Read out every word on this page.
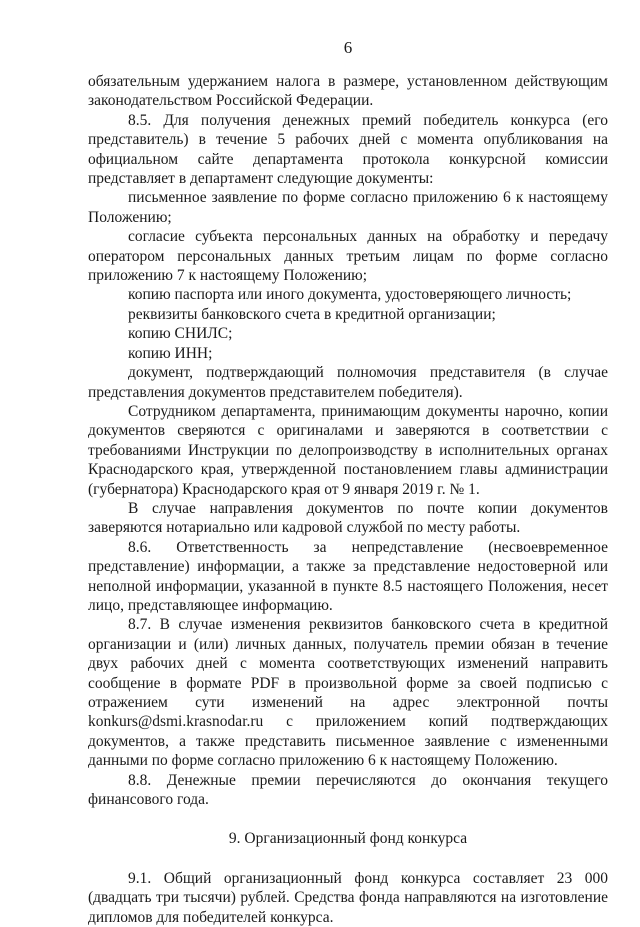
6

обязательным удержанием налога в размере, установленном действующим законодательством Российской Федерации.

8.5. Для получения денежных премий победитель конкурса (его представитель) в течение 5 рабочих дней с момента опубликования на официальном сайте департамента протокола конкурсной комиссии представляет в департамент следующие документы:

письменное заявление по форме согласно приложению 6 к настоящему Положению;

согласие субъекта персональных данных на обработку и передачу оператором персональных данных третьим лицам по форме согласно приложению 7 к настоящему Положению;

копию паспорта или иного документа, удостоверяющего личность;

реквизиты банковского счета в кредитной организации;

копию СНИЛС;

копию ИНН;

документ, подтверждающий полномочия представителя (в случае представления документов представителем победителя).

Сотрудником департамента, принимающим документы нарочно, копии документов сверяются с оригиналами и заверяются в соответствии с требованиями Инструкции по делопроизводству в исполнительных органах Краснодарского края, утвержденной постановлением главы администрации (губернатора) Краснодарского края от 9 января 2019 г. № 1.

В случае направления документов по почте копии документов заверяются нотариально или кадровой службой по месту работы.

8.6. Ответственность за непредставление (несвоевременное представление) информации, а также за представление недостоверной или неполной информации, указанной в пункте 8.5 настоящего Положения, несет лицо, представляющее информацию.

8.7. В случае изменения реквизитов банковского счета в кредитной организации и (или) личных данных, получатель премии обязан в течение двух рабочих дней с момента соответствующих изменений направить сообщение в формате PDF в произвольной форме за своей подписью с отражением сути изменений на адрес электронной почты konkurs@dsmi.krasnodar.ru с приложением копий подтверждающих документов, а также представить письменное заявление с измененными данными по форме согласно приложению 6 к настоящему Положению.

8.8. Денежные премии перечисляются до окончания текущего финансового года.

9. Организационный фонд конкурса

9.1. Общий организационный фонд конкурса составляет 23 000 (двадцать три тысячи) рублей. Средства фонда направляются на изготовление дипломов для победителей конкурса.
